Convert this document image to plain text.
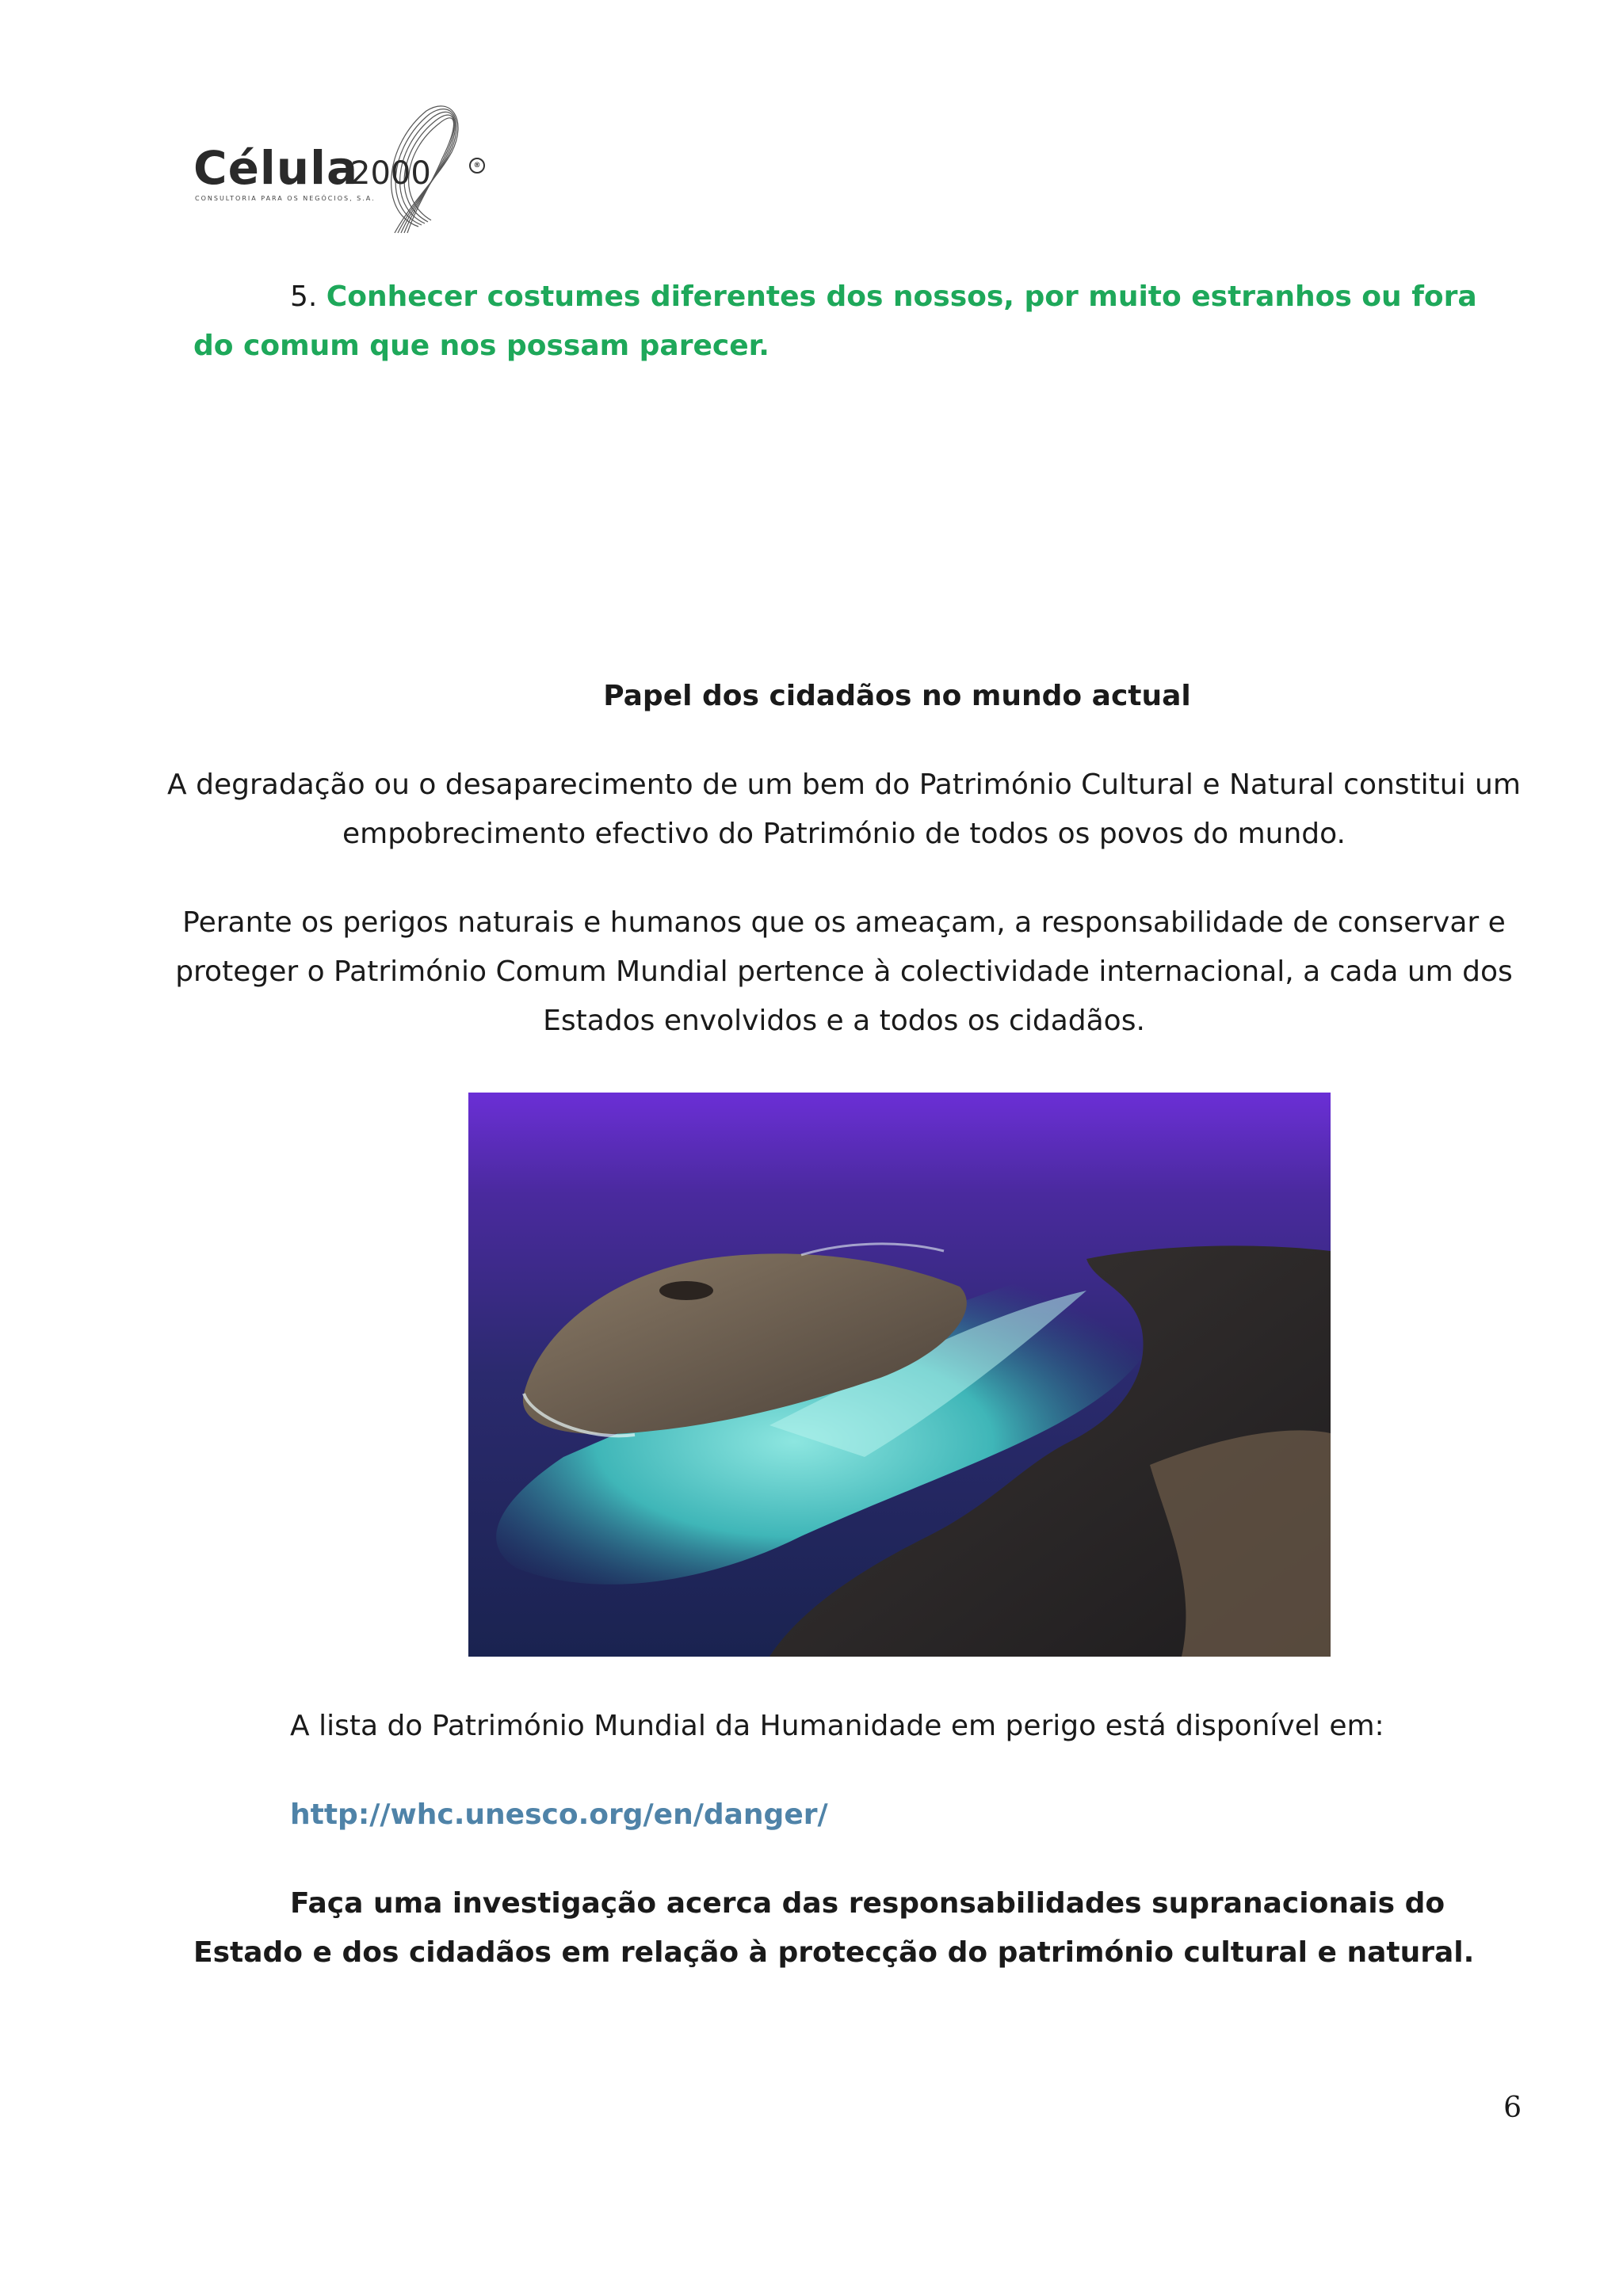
Célula
2000	®
CONSULTORIA PARA OS NEGÓCIOS, S.A.
5. Conhecer costumes diferentes dos nossos, por muito estranhos ou fora do comum que nos possam parecer.
Papel dos cidadãos no mundo actual
A degradação ou o desaparecimento de um bem do Património Cultural e Natural constitui um empobrecimento efectivo do Património de todos os povos do mundo.
Perante os perigos naturais e humanos que os ameaçam, a responsabilidade de conservar e proteger o Património Comum Mundial pertence à colectividade internacional, a cada um dos Estados envolvidos e a todos os cidadãos.
A lista do Património Mundial da Humanidade em perigo está disponível em:
http://whc.unesco.org/en/danger/
Faça uma investigação acerca das responsabilidades supranacionais do Estado e dos cidadãos em relação à protecção do património cultural e natural.
6
